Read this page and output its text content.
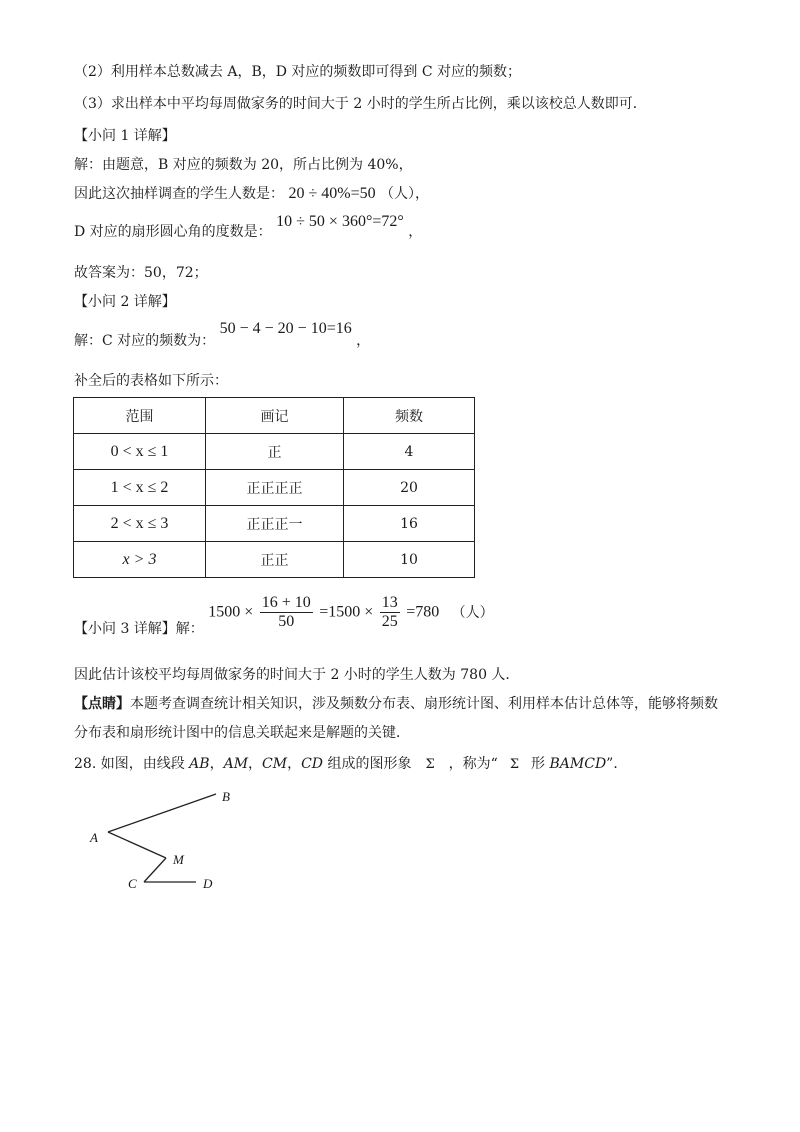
（2）利用样本总数减去 A，B，D 对应的频数即可得到 C 对应的频数；
（3）求出样本中平均每周做家务的时间大于 2 小时的学生所占比例，乘以该校总人数即可．
【小问 1 详解】
解：由题意，B 对应的频数为 20，所占比例为 40%，
因此这次抽样调查的学生人数是： 20 ÷ 40%=50 （人），
D 对应的扇形圆心角的度数是： 10 ÷ 50 × 360°=72° ，
故答案为：50，72；
【小问 2 详解】
解：C 对应的频数为： 50 − 4 − 20 − 10=16 ，
补全后的表格如下所示：
范围	画记	频数
0 < x ≤ 1	正	4
1 < x ≤ 2	正正正正	20
2 < x ≤ 3	正正正一	16
x > 3	正正	10
【小问 3 详解】解： $1500 \times \frac{16 + 10}{50} =1500 \times \frac{13}{25} =780$ （人）
因此估计该校平均每周做家务的时间大于 2 小时的学生人数为 780 人．
【点睛】本题考查调查统计相关知识，涉及频数分布表、扇形统计图、利用样本估计总体等，能够将频数
分布表和扇形统计图中的信息关联起来是解题的关键．
28. 如图，由线段 AB，AM，CM，CD 组成的图形象 Σ ，称为“ Σ 形 BAMCD”．
B
A
M
C	D
